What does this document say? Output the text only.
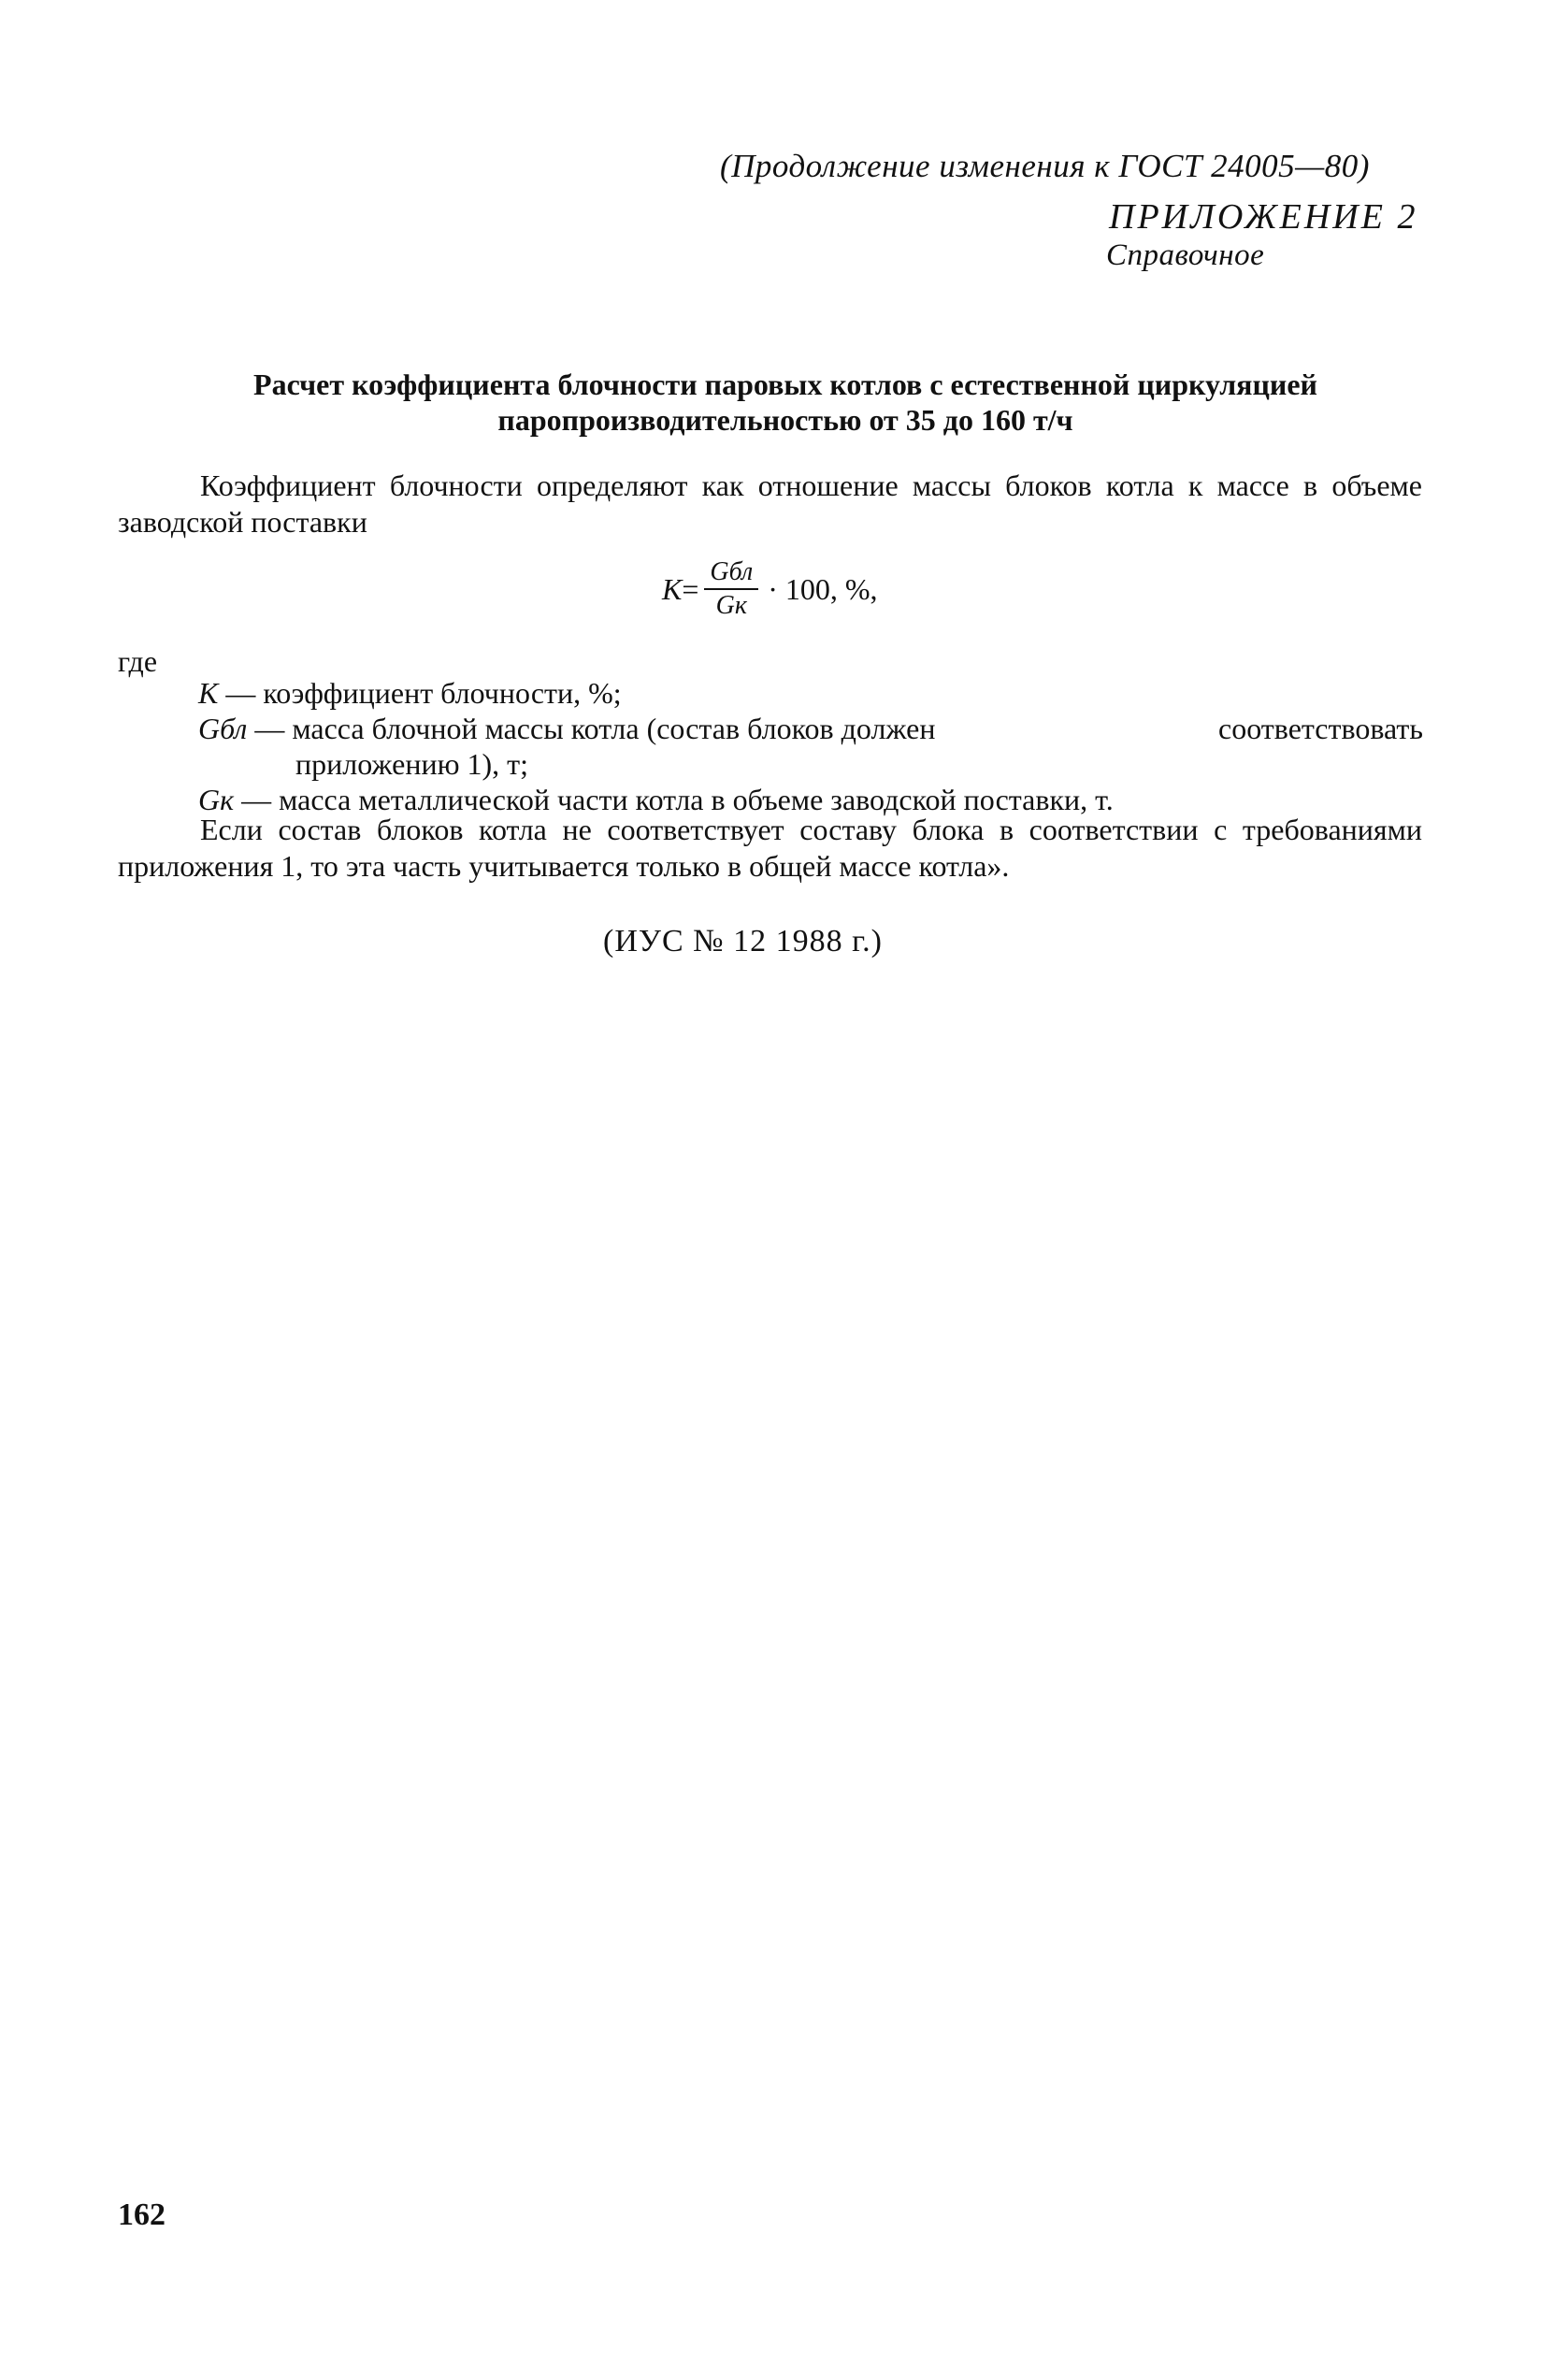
(Продолжение изменения к ГОСТ 24005—80)
ПРИЛОЖЕНИЕ 2
Справочное
Расчет коэффициента блочности паровых котлов с естественной циркуляцией паропроизводительностью от 35 до 160 т/ч
Коэффициент блочности определяют как отношение массы блоков котла к массе в объеме заводской поставки
$K = \frac{\text{Gбл}}{Gк} \cdot 100$, %,
где
K — коэффициент блочности, %;
Gбл — масса блочной массы котла (состав блоков должен	соответствовать
приложению 1), т;
Gк — масса металлической части котла в объеме заводской поставки, т.
Если состав блоков котла не соответствует составу блока в соответствии с требованиями приложения 1, то эта часть учитывается только в общей массе котла».
(ИУС № 12 1988 г.)
162
